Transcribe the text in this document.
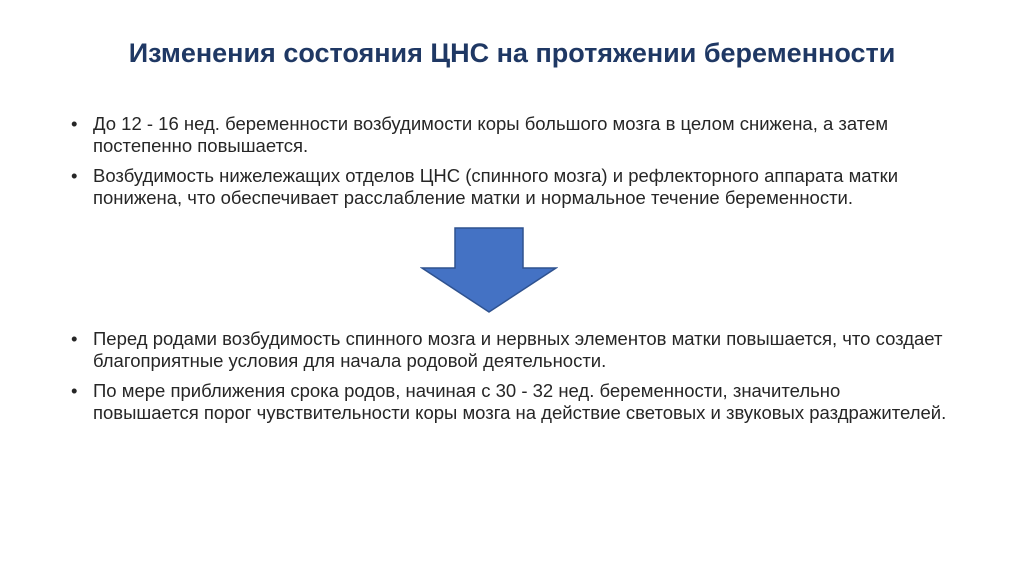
Изменения состояния ЦНС на протяжении беременности
• До 12 - 16 нед. беременности возбудимости коры большого мозга в целом снижена, а затем постепенно повышается.
• Возбудимость нижележащих отделов ЦНС (спинного мозга) и рефлекторного аппарата матки понижена, что обеспечивает расслабление матки и нормальное течение беременности.
• Перед родами возбудимость спинного мозга и нервных элементов матки повышается, что создает благоприятные условия для начала родовой деятельности.
• По мере приближения срока родов, начиная с 30 - 32 нед. беременности, значительно повышается порог чувствительности коры мозга на действие световых и звуковых раздражителей.
